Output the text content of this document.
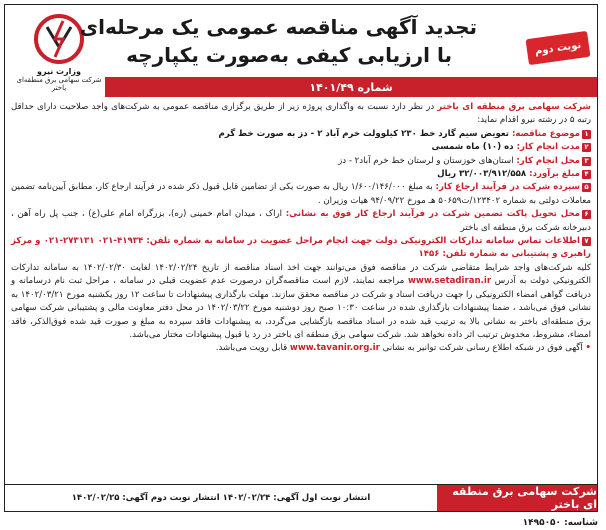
وزارت نیرو
شرکت سهامی برق منطقه‌ای باختر
تجدید آگهی مناقصه عمومی یک مرحله‌ای
با ارزیابی کیفی به‌صورت یکپارچه	نوبت دوم
شماره ۱۴۰۱/۴۹

شرکت سهامی برق منطقه ای باختر در نظر دارد نسبت به واگذاری پروژه زیر از طریق برگزاری مناقصه عمومی به شرکت‌های واجد صلاحیت دارای حداقل رتبه ۵ در رشته نیرو اقدام نماید:

۱موضوع مناقصه: تعویض سیم گارد خط ۲۳۰ کیلوولت خرم آباد ۲ - دز به صورت خط گرم

۲مدت انجام کار: ده (۱۰) ماه شمسی

۳محل انجام کار: استان‌های خوزستان و لرستان خط خرم آباد۲ - دز

۴مبلغ برآورد: ۳۲/۰۰۳/۹۱۲/۵۵۸ ریال

۵سپرده شرکت در فرآیند ارجاع کار: به مبلغ ۱/۶۰۰/۱۴۶/۰۰۰ ریال به صورت یکی از تضامین قابل قبول ذکر شده در فرآیند ارجاع کار، مطابق آیین‌نامه تضمین معاملات دولتی به شماره ۱۲۳۴۰۲/ت۵۰۶۵۹ هـ مورخ ۹۴/۰۹/۲۲ هیات وزیران .

۶محل تحویل پاکت تضمین شرکت در فرآیند ارجاع کار فوق به نشانی: اراک ، میدان امام خمینی (ره)، بزرگراه امام علی(ع) ، جنب پل راه آهن ، دبیرخانه شرکت برق منطقه ای باختر

۷اطلاعات تماس سامانه تدارکات الکترونیکی دولت جهت انجام مراحل عضویت در سامانه به شماره تلفن: ۴۱۹۳۴-۰۲۱ ۲۷۳۱۳۱-۰۲۱ و مرکز راهبری و پشتیبانی به شماره تلفن: ۱۴۵۶

کلیه شرکت‌های واجد شرایط متقاضی شرکت در مناقصه فوق می‌توانند جهت اخذ اسناد مناقصه از تاریخ ۱۴۰۲/۰۲/۲۴ لغایت ۱۴۰۲/۰۲/۳۰ به سامانه تدارکات الکترونیکی دولت به آدرس www.setadiran.ir مراجعه نمایند، لازم است مناقصه‌گران درصورت عدم عضویت قبلی در سامانه ، مراحل ثبت نام درسامانه و دریافت گواهی امضاء الکترونیکی را جهت دریافت اسناد و شرکت در مناقصه محقق سازند. مهلت بارگذاری پیشنهادات تا ساعت ۱۲ روز یکشنبه مورخ ۱۴۰۲/۰۳/۲۱ به نشانی فوق می‌باشد ، ضمنا پیشنهادات بارگذاری شده در ساعت ۱۰:۳۰ صبح روز دوشنبه مورخ ۱۴۰۲/۰۳/۲۲ در محل دفتر معاونت مالی و پشتیبانی شرکت سهامی برق منطقه‌ای باختر به نشانی بالا به ترتیب قید شده در اسناد مناقصه بازگشایی می‌گردد، به پیشنهادات فاقد سپرده به مبلغ و صورت قید شده فوق‌الذکر، فاقد امضاء، مشروط، مخدوش ترتیب اثر داده نخواهد شد. شرکت سهامی برق منطقه ای باختر در رد یا قبول پیشنهادات مختار می‌باشد.

• آگهی فوق در شبکه اطلاع رسانی شرکت توانیر به نشانی www.tavanir.org.ir قابل رویت می‌باشد.

شرکت سهامی برق منطقه ای باختر
انتشار نوبت اول آگهی: ۱۴۰۲/۰۲/۲۴ انتشار نوبت دوم آگهی: ۱۴۰۲/۰۲/۲۵
شناسه: ۱۴۹۵۰۵۰
